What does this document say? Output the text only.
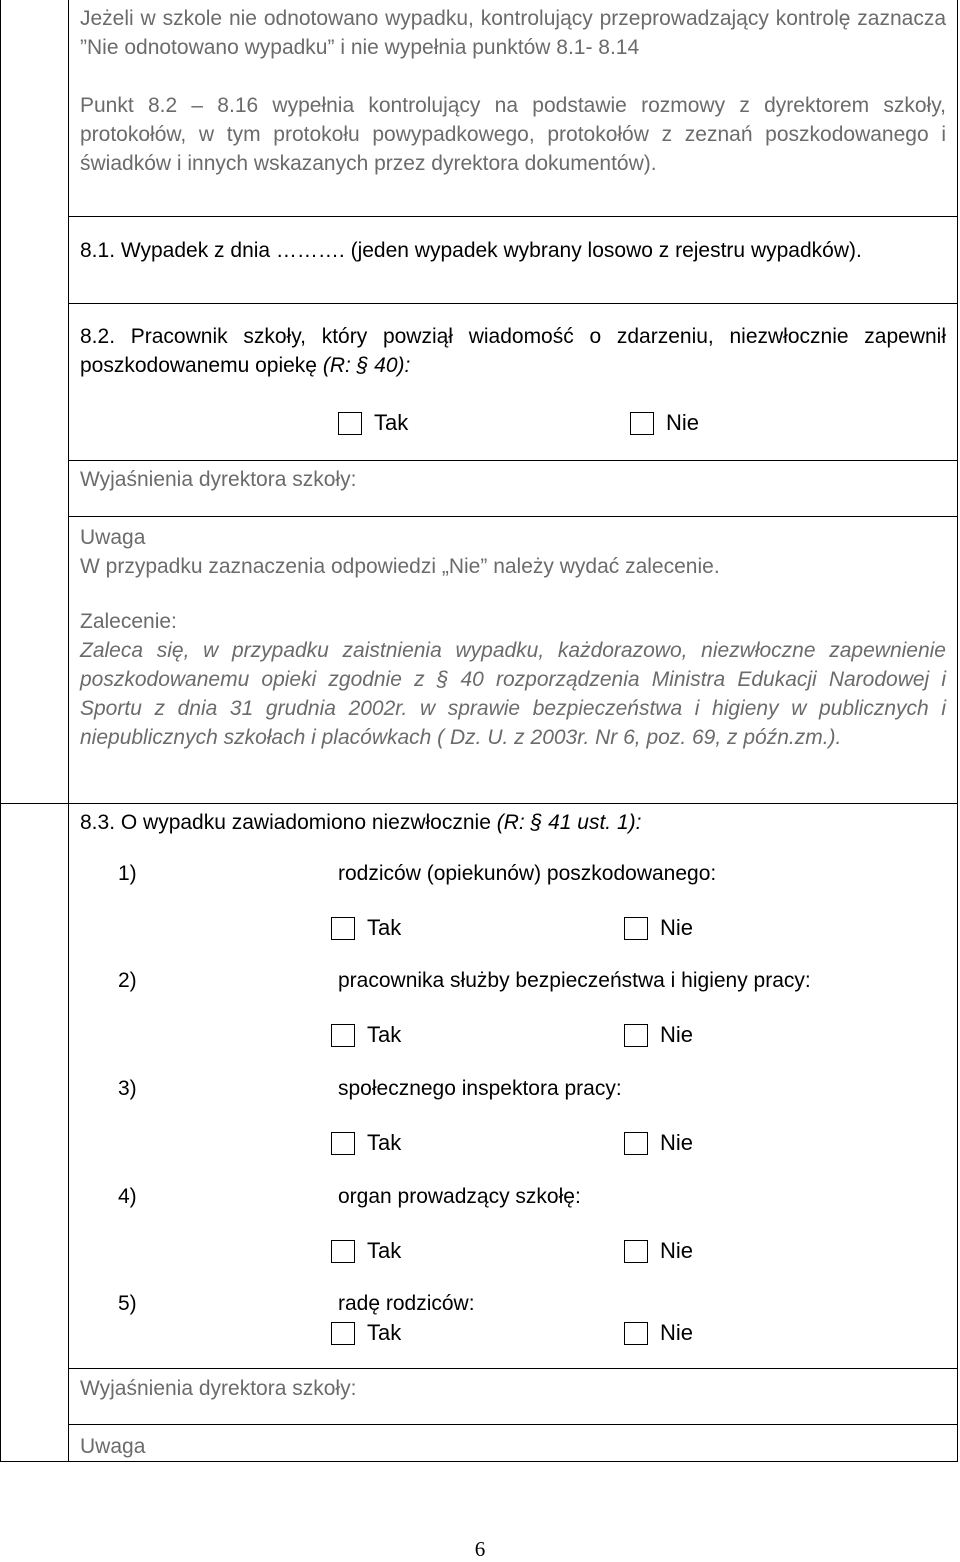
Jeżeli w szkole nie odnotowano wypadku, kontrolujący przeprowadzający kontrolę zaznacza ”Nie odnotowano wypadku” i nie wypełnia punktów 8.1- 8.14

Punkt 8.2 – 8.16 wypełnia kontrolujący na podstawie rozmowy z dyrektorem szkoły, protokołów, w tym protokołu powypadkowego, protokołów z zeznań poszkodowanego i świadków i innych wskazanych przez dyrektora dokumentów).

8.1. Wypadek z dnia ………. (jeden wypadek wybrany losowo z rejestru wypadków).

8.2. Pracownik szkoły, który powziął wiadomość o zdarzeniu, niezwłocznie zapewnił poszkodowanemu opiekę (R: § 40):

Tak	Nie

Wyjaśnienia dyrektora szkoły:

Uwaga

W przypadku zaznaczenia odpowiedzi „Nie” należy wydać zalecenie.

Zalecenie:

Zaleca się, w przypadku zaistnienia wypadku, każdorazowo, niezwłoczne zapewnienie poszkodowanemu opieki zgodnie z § 40 rozporządzenia Ministra Edukacji Narodowej i Sportu z dnia 31 grudnia 2002r. w sprawie bezpieczeństwa i higieny w publicznych i niepublicznych szkołach i placówkach ( Dz. U. z 2003r. Nr 6, poz. 69, z późn.zm.).

8.3. O wypadku zawiadomiono niezwłocznie (R: § 41 ust. 1):

1)	rodziców (opiekunów) poszkodowanego:
Tak	Nie
2)	pracownika służby bezpieczeństwa i higieny pracy:
Tak	Nie
3)	społecznego inspektora pracy:
Tak	Nie
4)	organ prowadzący szkołę:
Tak	Nie
5)	radę rodziców:
Tak	Nie

Wyjaśnienia dyrektora szkoły:

Uwaga

6
